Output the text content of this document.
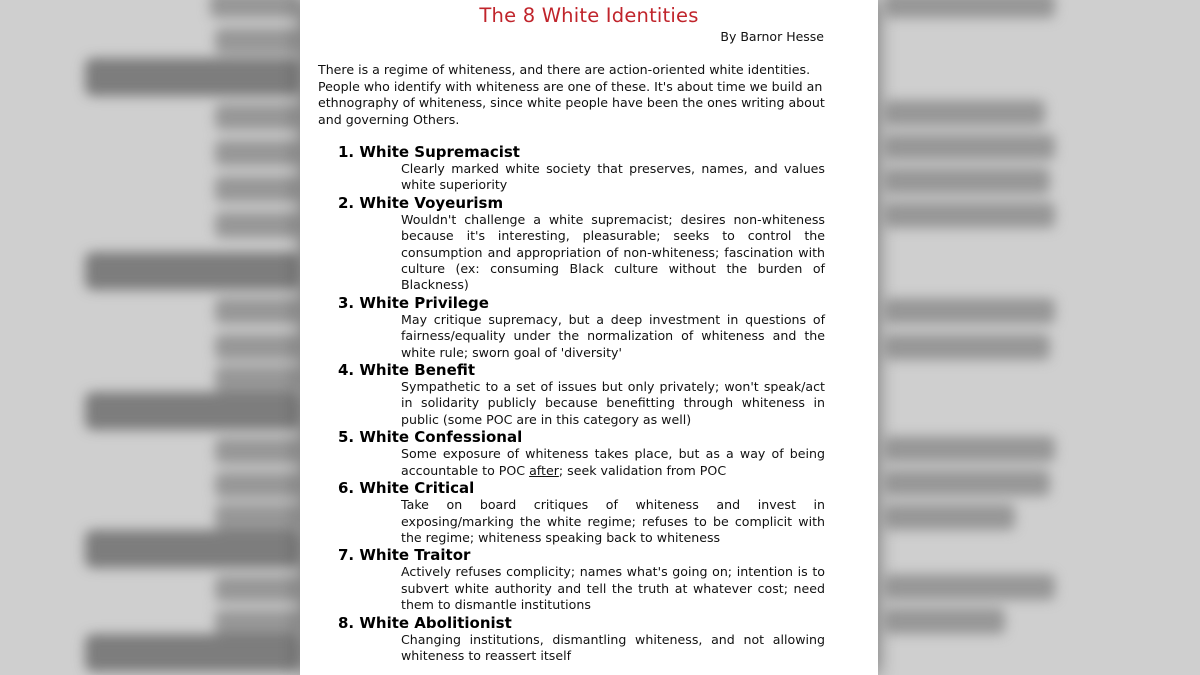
The 8 White Identities
By Barnor Hesse
There is a regime of whiteness, and there are action-oriented white identities. People who identify with whiteness are one of these. It's about time we build an ethnography of whiteness, since white people have been the ones writing about and governing Others.
1. White Supremacist
Clearly marked white society that preserves, names, and values white superiority
2. White Voyeurism
Wouldn't challenge a white supremacist; desires non-whiteness because it's interesting, pleasurable; seeks to control the consumption and appropriation of non-whiteness; fascination with culture (ex: consuming Black culture without the burden of Blackness)
3. White Privilege
May critique supremacy, but a deep investment in questions of fairness/equality under the normalization of whiteness and the white rule; sworn goal of 'diversity'
4. White Benefit
Sympathetic to a set of issues but only privately; won't speak/act in solidarity publicly because benefitting through whiteness in public (some POC are in this category as well)
5. White Confessional
Some exposure of whiteness takes place, but as a way of being accountable to POC after; seek validation from POC
6. White Critical
Take on board critiques of whiteness and invest in exposing/marking the white regime; refuses to be complicit with the regime; whiteness speaking back to whiteness
7. White Traitor
Actively refuses complicity; names what's going on; intention is to subvert white authority and tell the truth at whatever cost; need them to dismantle institutions
8. White Abolitionist
Changing institutions, dismantling whiteness, and not allowing whiteness to reassert itself
